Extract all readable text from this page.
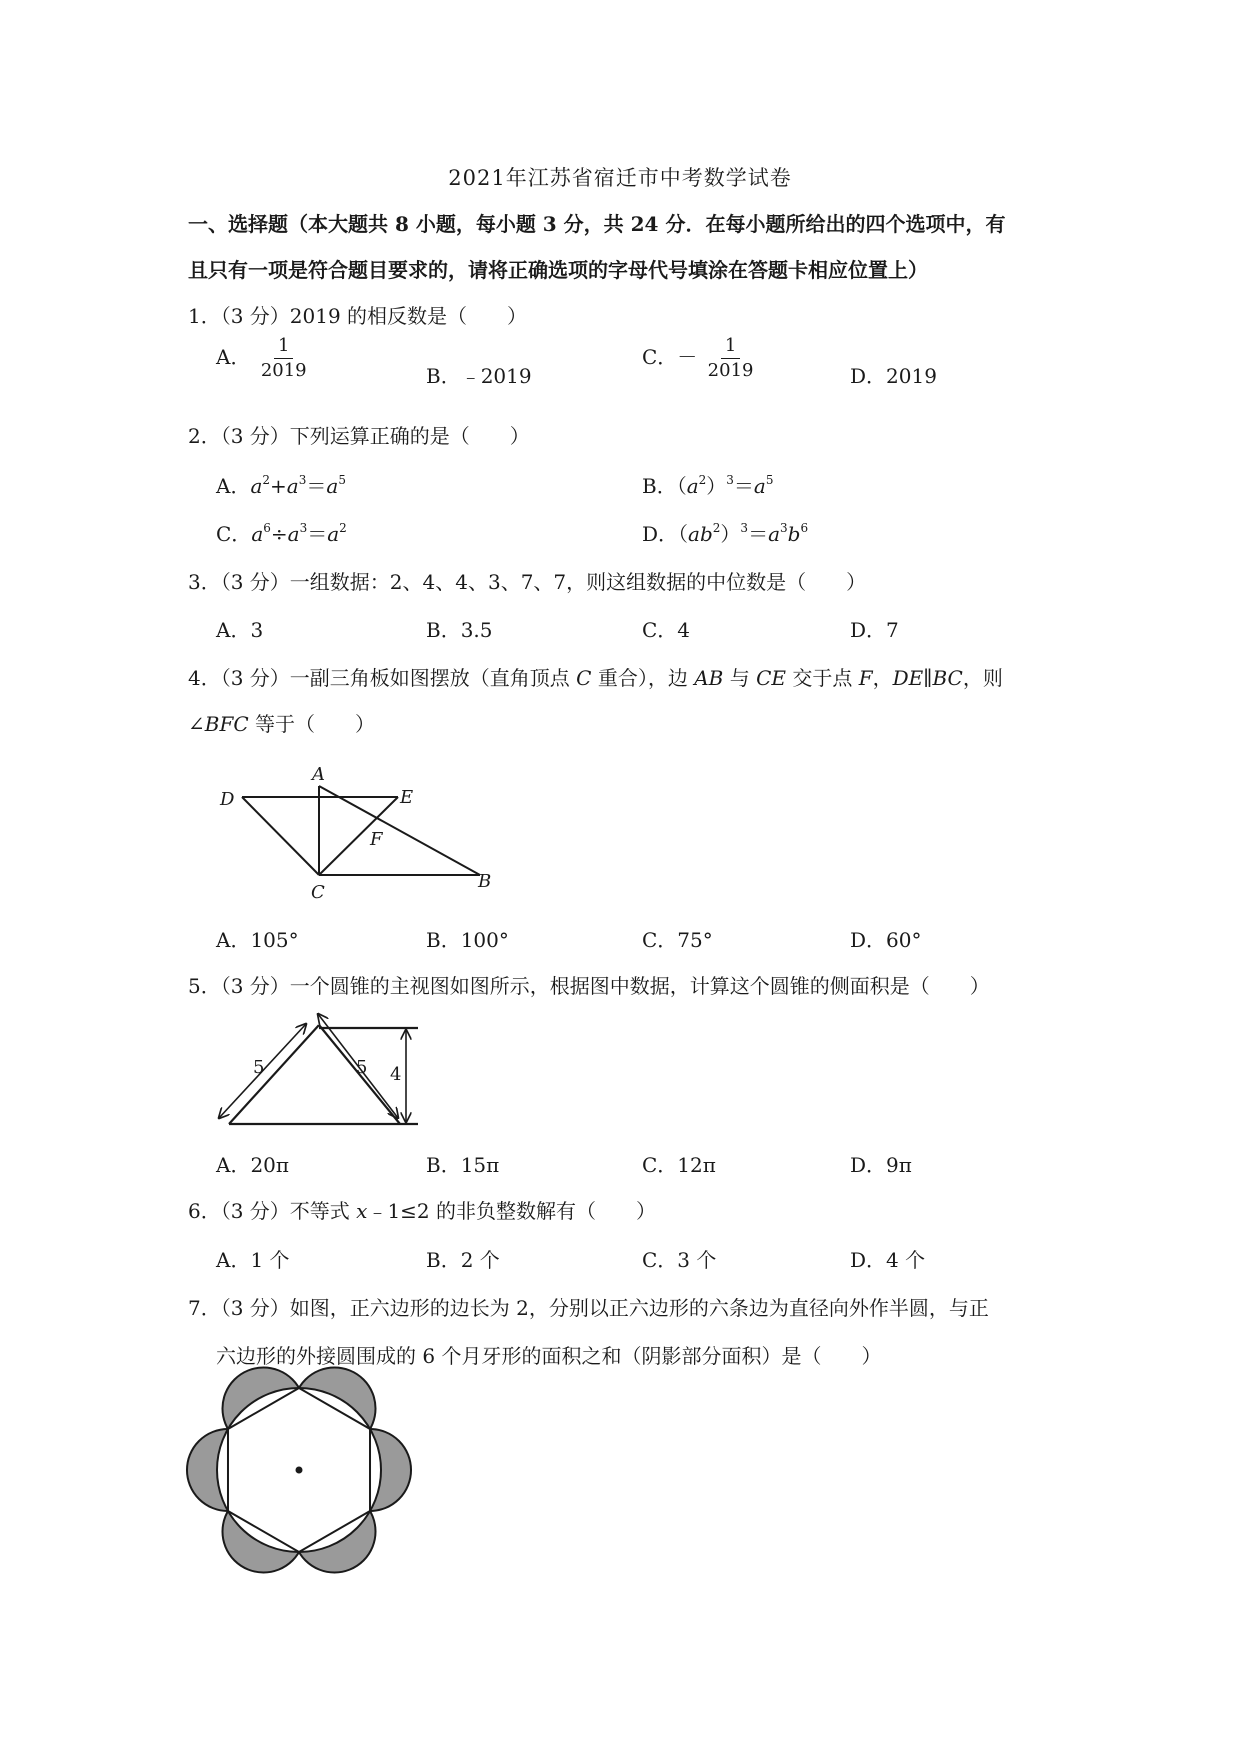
2021年江苏省宿迁市中考数学试卷
一、选择题（本大题共 8 小题，每小题 3 分，共 24 分．在每小题所给出的四个选项中，有
且只有一项是符合题目要求的，请将正确选项的字母代号填涂在答题卡相应位置上）
1．（3 分）2019 的相反数是（　　）
A． $\frac{1}{2019}$	B．﹣2019
C．－ $\frac{1}{2019}$	D．2019
2．（3 分）下列运算正确的是（　　）
A．$a^2+a^3=a^5$	B．$(a^2)^3=a^5$
C．$a^6\div a^3=a^2$	D．$(ab^2)^3=a^3b^6$
3．（3 分）一组数据：2、4、4、3、7、7，则这组数据的中位数是（　　）
A．3	B．3.5	C．4	D．7
4．（3 分）一副三角板如图摆放（直角顶点 C 重合），边 AB 与 CE 交于点 F，DE∥BC，则
∠BFC 等于（　　）
A
D	E
F
C
B
A．105°	B．100°	C．75°	D．60°
5．（3 分）一个圆锥的主视图如图所示，根据图中数据，计算这个圆锥的侧面积是（　　）
5	5 4
A．20π	B．15π	C．12π	D．9π
6．（3 分）不等式 x﹣1≤2 的非负整数解有（　　）
A．1 个	B．2 个	C．3 个	D．4 个
7．（3 分）如图，正六边形的边长为 2，分别以正六边形的六条边为直径向外作半圆，与正
六边形的外接圆围成的 6 个月牙形的面积之和（阴影部分面积）是（　　）
